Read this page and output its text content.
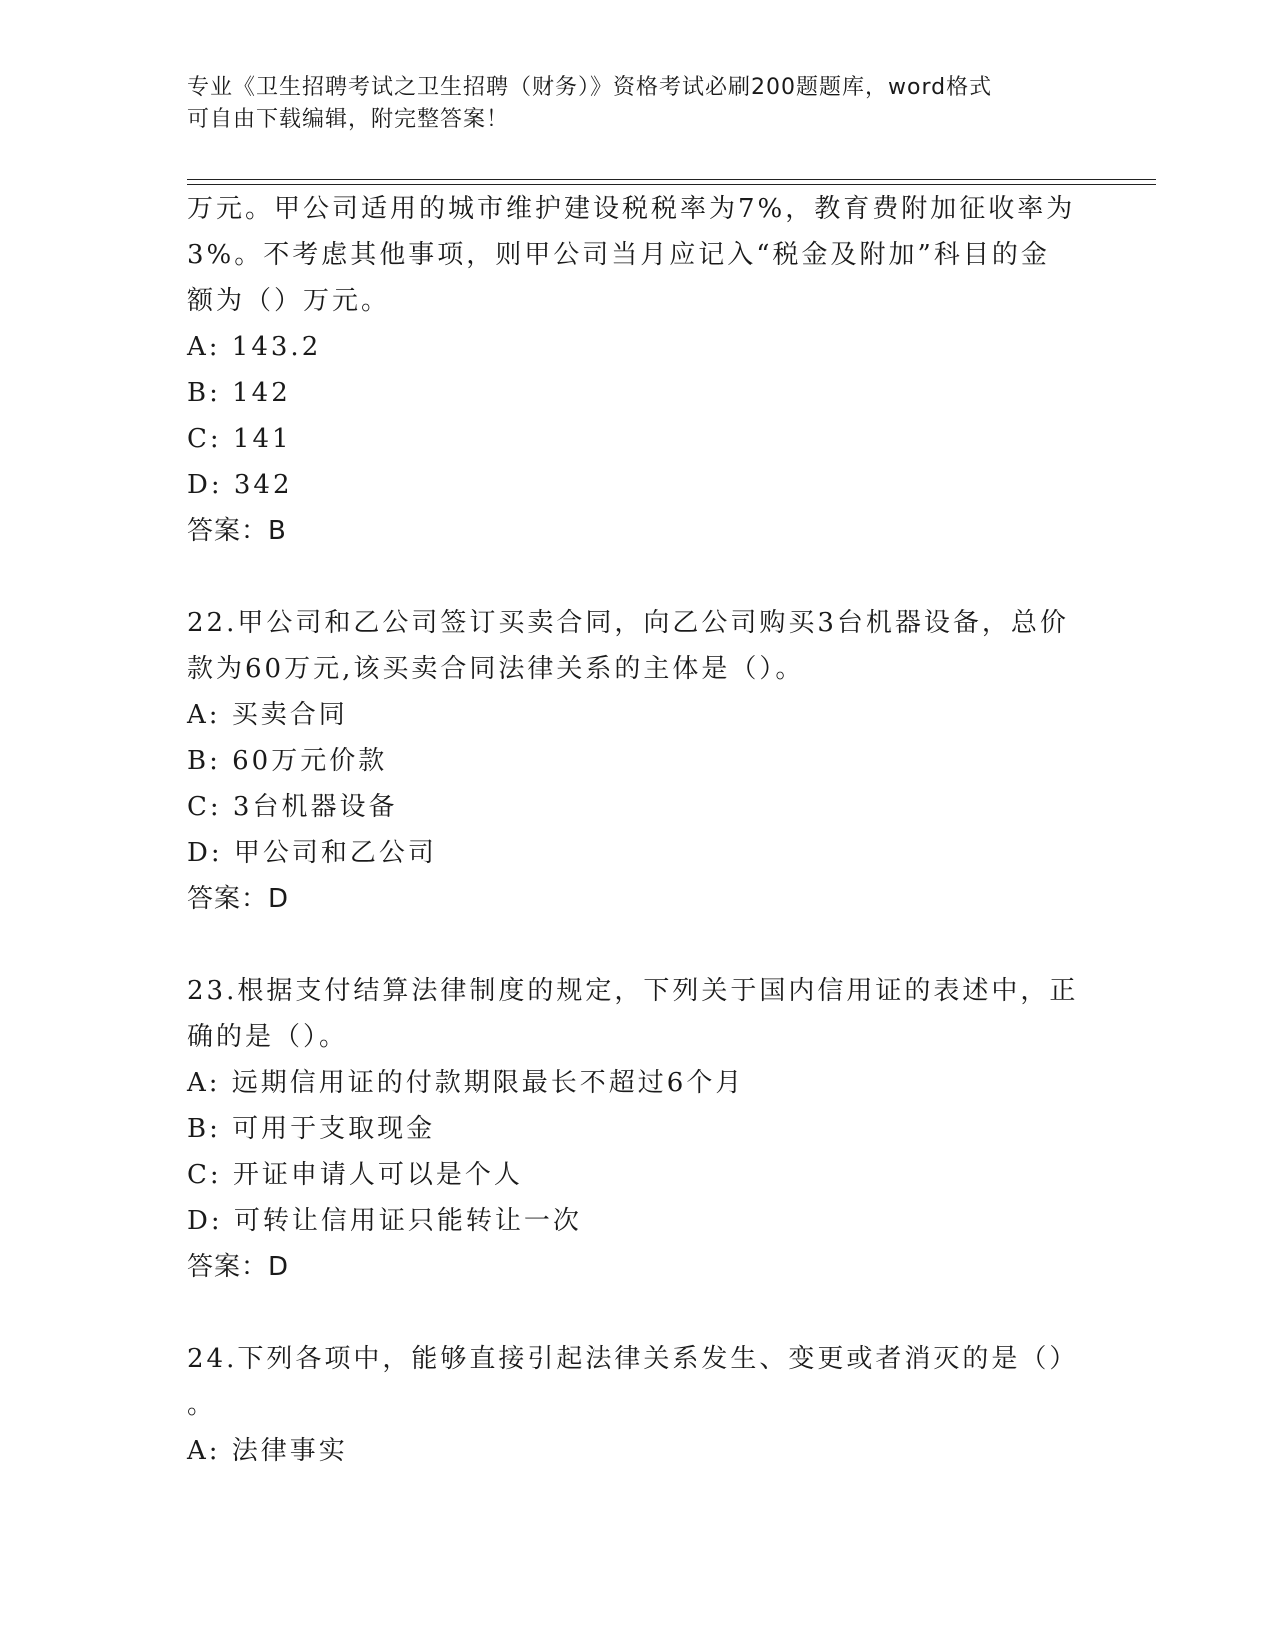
专业《卫生招聘考试之卫生招聘（财务）》资格考试必刷200题题库，word格式
可自由下载编辑，附完整答案！
万元。甲公司适用的城市维护建设税税率为7%，教育费附加征收率为
3%。不考虑其他事项，则甲公司当月应记入“税金及附加”科目的金
额为（）万元。
A: 143.2
B: 142
C: 141
D: 342
答案：B
22.甲公司和乙公司签订买卖合同，向乙公司购买3台机器设备，总价
款为60万元,该买卖合同法律关系的主体是（）。
A: 买卖合同
B: 60万元价款
C: 3台机器设备
D: 甲公司和乙公司
答案：D
23.根据支付结算法律制度的规定，下列关于国内信用证的表述中，正
确的是（）。
A: 远期信用证的付款期限最长不超过6个月
B: 可用于支取现金
C: 开证申请人可以是个人
D: 可转让信用证只能转让一次
答案：D
24.下列各项中，能够直接引起法律关系发生、变更或者消灭的是（）
。
A: 法律事实
